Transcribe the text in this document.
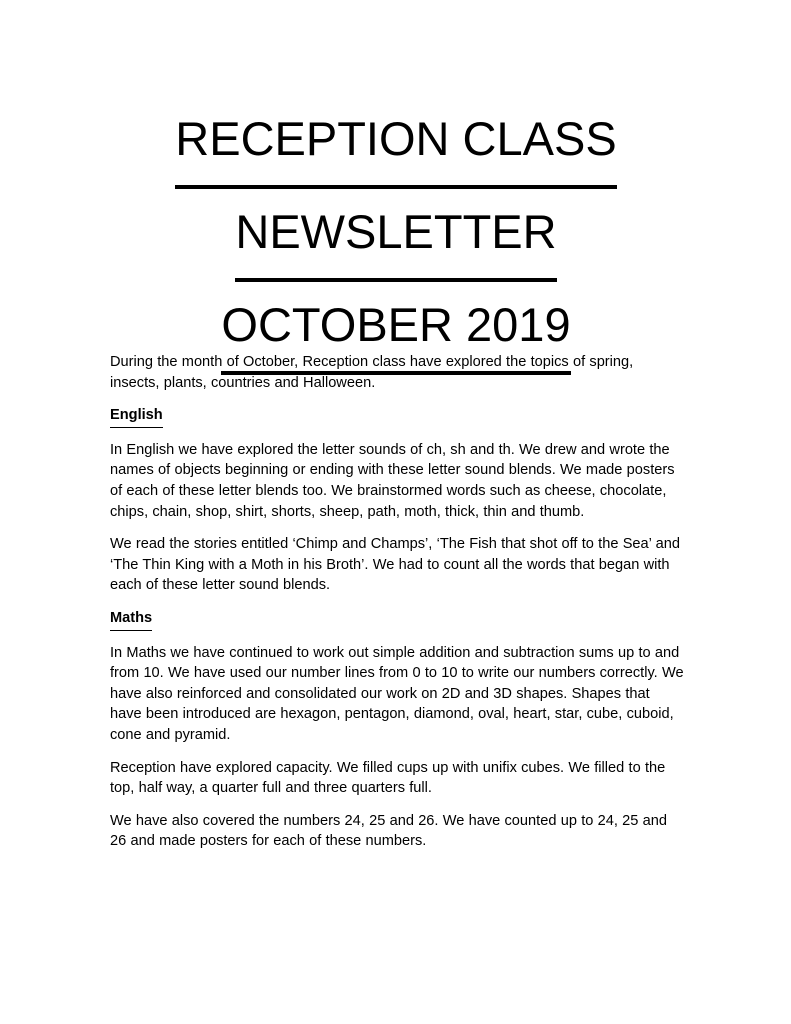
RECEPTION CLASS
NEWSLETTER
OCTOBER 2019

During the month of October, Reception class have explored the topics of spring, insects, plants, countries and Halloween.

English

In English we have explored the letter sounds of ch, sh and th. We drew and wrote the names of objects beginning or ending with these letter sound blends. We made posters of each of these letter blends too. We brainstormed words such as cheese, chocolate, chips, chain, shop, shirt, shorts, sheep, path, moth, thick, thin and thumb.

We read the stories entitled ‘Chimp and Champs’, ‘The Fish that shot off to the Sea’ and ‘The Thin King with a Moth in his Broth’. We had to count all the words that began with each of these letter sound blends.

Maths

In Maths we have continued to work out simple addition and subtraction sums up to and from 10. We have used our number lines from 0 to 10 to write our numbers correctly. We have also reinforced and consolidated our work on 2D and 3D shapes. Shapes that have been introduced are hexagon, pentagon, diamond, oval, heart, star, cube, cuboid, cone and pyramid.

Reception have explored capacity. We filled cups up with unifix cubes. We filled to the top, half way, a quarter full and three quarters full.

We have also covered the numbers 24, 25 and 26. We have counted up to 24, 25 and 26 and made posters for each of these numbers.
